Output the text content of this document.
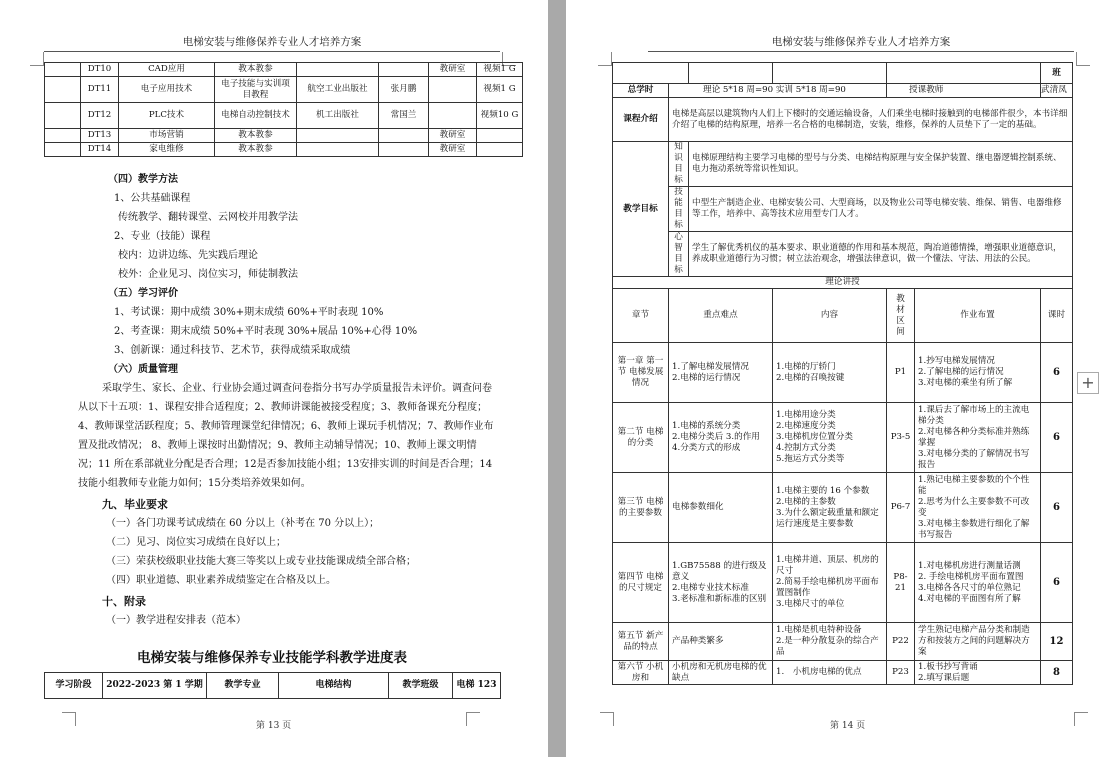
电梯安装与维修保养专业人才培养方案
	DT10	CAD应用	教本教参			教研室	视频1 G
	DT11	电子应用技术	电子技能与实训项目教程	航空工业出版社	张月鹏		视频1 G
	DT12	PLC技术	电梯自动控制技术	机工出版社	常国兰		视频10 G
	DT13	市场营销	教本教参			教研室	
	DT14	家电维修	教本教参			教研室	

（四）教学方法

1、公共基础课程

传统教学、翻转课堂、云网校并用教学法

2、专业（技能）课程

校内：边讲边练、先实践后理论

校外：企业见习、岗位实习，师徒制教法

（五）学习评价

1、考试课：期中成绩 30%+期末成绩 60%+平时表现 10%

2、考查课：期末成绩 50%+平时表现 30%+展品 10%+心得 10%

3、创新课：通过科技节、艺术节，获得成绩采取成绩

（六）质量管理

采取学生、家长、企业、行业协会通过调查问卷指分书写办学质量报告未评价。调查问卷从以下十五项：1、课程安排合适程度；2、教师讲课能被接受程度；3、教师备课充分程度；4、教师课堂活跃程度；5、教师管理课堂纪律情况；6、教师上课玩手机情况；7、教师作业布置及批改情况； 8、教师上课按时出勤情况；9、教师主动辅导情况；10、教师上课文明情况；11 所在系部就业分配是否合理；12是否参加技能小组；13安排实训的时间是否合理；14技能小组教师专业能力如何；15分类培养效果如何。

九、毕业要求

（一）各门功课考试成绩在 60 分以上（补考在 70 分以上）；

（二）见习、岗位实习成绩在良好以上；

（三）荣获校级职业技能大赛三等奖以上或专业技能课成绩全部合格；

（四）职业道德、职业素养成绩鉴定在合格及以上。

十、附录

（一）教学进程安排表（范本）

电梯安装与维修保养专业技能学科教学进度表
学习阶段	2022-2023 第 1 学期	教学专业	电梯结构	教学班级	电梯 123
第 13 页
电梯安装与维修保养专业人才培养方案
第 14 页
						班
总学时	理论 5*18 周=90 实训 5*18 周=90			授课教师		武清凤
课程介绍	电梯是高层以建筑物内人们上下楼时的交通运输设备，人们乘坐电梯时接触到的电梯部件很少，本书详细介绍了电梯的结构原理，培养一名合格的电梯制造，安装，维修，保养的人员垫下了一定的基础。					
教学目标	知识目标	电梯原理结构主要学习电梯的型号与分类、电梯结构原理与安全保护装置、继电器逻辑控制系统、电力拖动系统等常识性知识。				
	技能目标	中型生产制造企业、电梯安装公司、大型商场，以及物业公司等电梯安装、维保、销售、电器维修等工作，培养中、高等技术应用型专门人才。				
	心智目标	学生了解优秀机仪的基本要求、职业道德的作用和基本规范，陶冶道德情操，增强职业道德意识，养成职业道德行为习惯；树立法治观念，增强法律意识，做一个懂法、守法、用法的公民。				
理论讲授						
章节	重点难点		内容	教材区间	作业布置	课时
第一章 第一节 电梯发展情况	1.了解电梯发展情况
2.电梯的运行情况		1.电梯的厅轿门
2.电梯的召唤按键	P1	1.抄写电梯发展情况
2.了解电梯的运行情况
3.对电梯的乘坐有所了解	6
第二节 电梯的分类	1.电梯的系统分类
2.电梯分类后 3.的作用
4.分类方式的形成		1.电梯用途分类
2.电梯速度分类
3.电梯机房位置分类
4.控制方式分类
5.拖运方式分类等	P3-5	1.课后去了解市场上的主流电梯分类
2.对电梯各种分类标准并熟练掌握
3.对电梯分类的了解情况书写报告	6
第三节 电梯的主要参数	电梯参数细化		1.电梯主要的 16 个参数
2.电梯的主参数
3.为什么额定载重量和额定运行速度是主要参数	P6-7	1.熟记电梯主要参数的个个性能
2.思考为什么主要参数不可改变
3.对电梯主参数进行细化了解书写报告	6
第四节 电梯的尺寸规定	1.GB75588 的进行级及意义
2.电梯专业技术标准
3.老标准和新标准的区别		1.电梯井道、顶层、机房的尺寸
2.简易手绘电梯机房平面布置图制作
3.电梯尺寸的单位	P8-21	1.对电梯机房进行测量话测
2. 手绘电梯机房平面布置图
3.电梯各各尺寸的单位熟记
4.对电梯的平面图有所了解	6
第五节 新产品的特点	产品种类繁多		1.电梯是机电特种设备
2.是一种分散复杂的综合产品	P22	学生熟记电梯产品分类和制造方和按装方之间的问题解决方案	12
第六节 小机房和	小机房和无机房电梯的优缺点		1.　小机房电梯的优点	P23	1.板书抄写背诵
2.填写课后题	8
+
